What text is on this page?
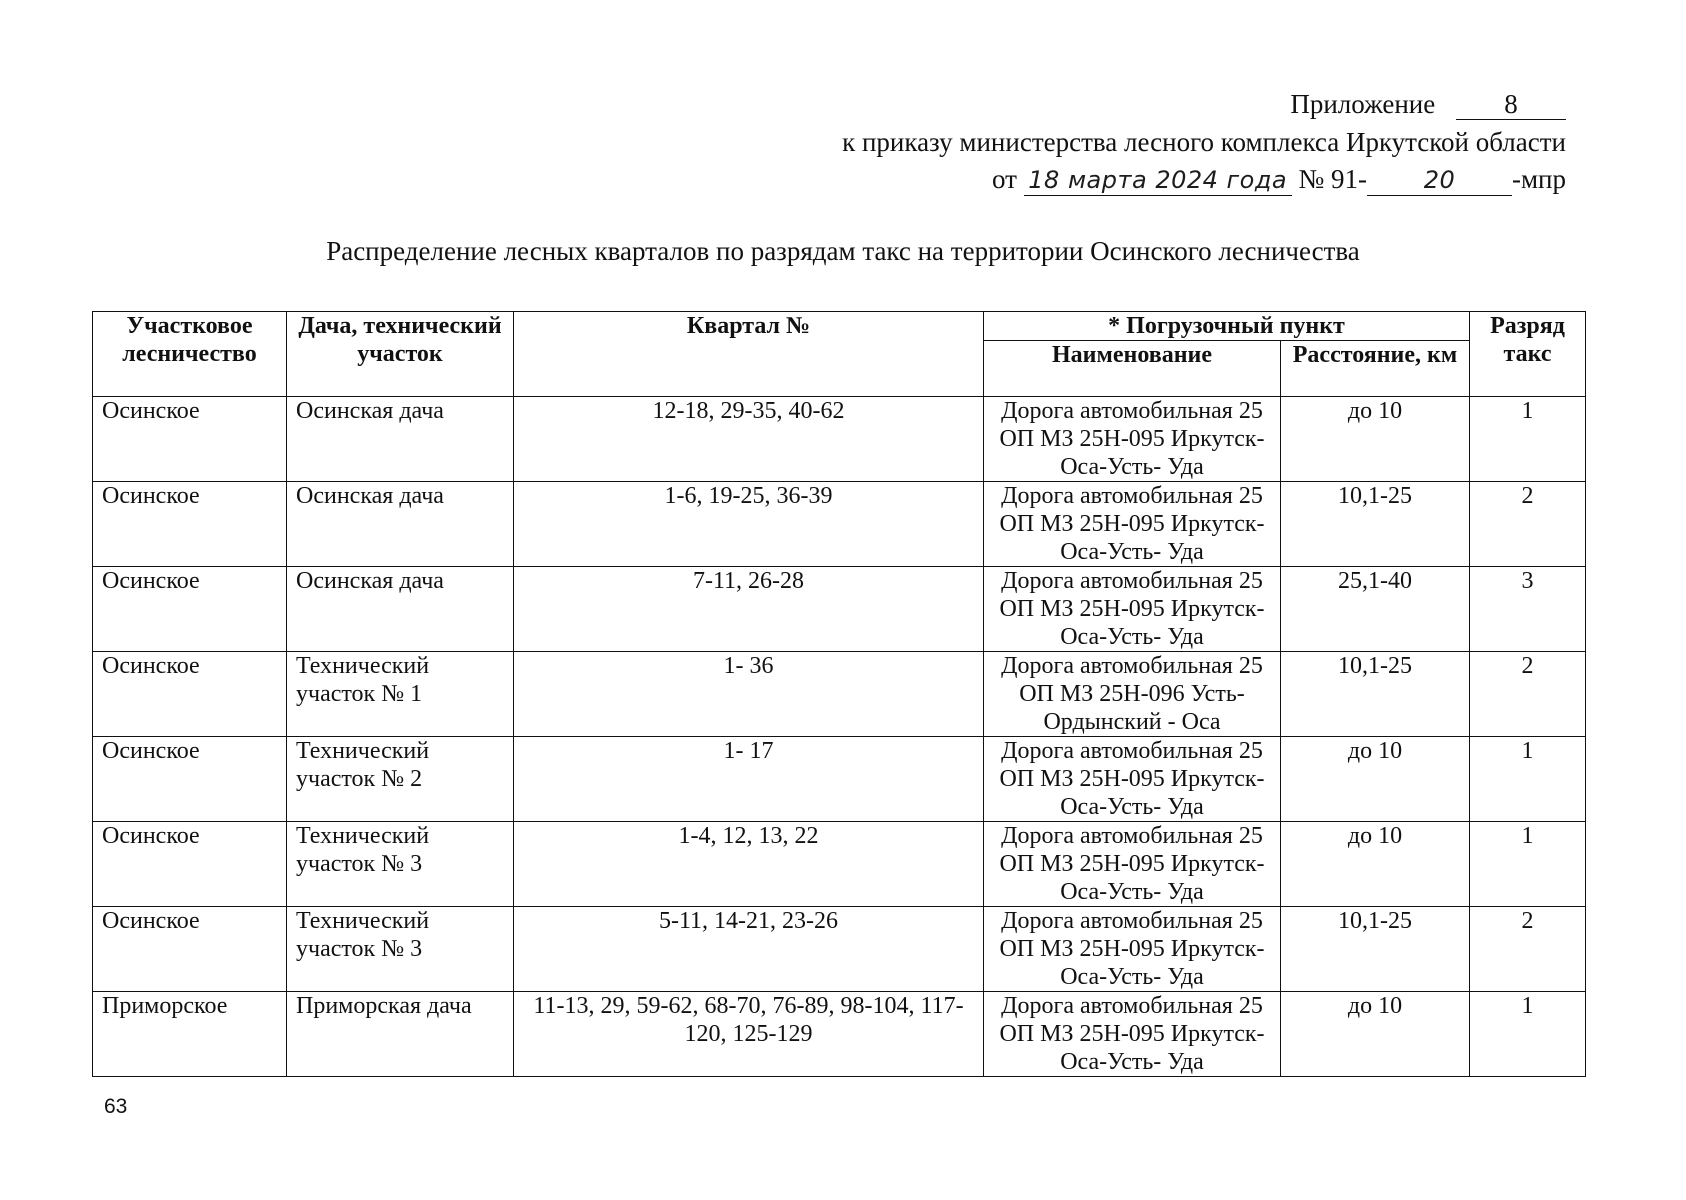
Приложение	8
к приказу министерства лесного комплекса Иркутской области
от 18 марта 2024 года № 91- 20 -мпр
Распределение лесных кварталов по разрядам такс на территории Осинского лесничества
Участковое лесничество	Дача, технический участок	Квартал №	* Погрузочный пункт		Разряд такс
			Наименование	Расстояние, км	
Осинское	Осинская дача	12-18, 29-35, 40-62	Дорога автомобильная 25 ОП МЗ 25Н-095 Иркутск-Оса-Усть- Уда	до 10	1
Осинское	Осинская дача	1-6, 19-25, 36-39	Дорога автомобильная 25 ОП МЗ 25Н-095 Иркутск-Оса-Усть- Уда	10,1-25	2
Осинское	Осинская дача	7-11, 26-28	Дорога автомобильная 25 ОП МЗ 25Н-095 Иркутск-Оса-Усть- Уда	25,1-40	3
Осинское	Технический участок № 1	1- 36	Дорога автомобильная 25 ОП МЗ 25Н-096 Усть-Ордынский - Оса	10,1-25	2
Осинское	Технический участок № 2	1- 17	Дорога автомобильная 25 ОП МЗ 25Н-095 Иркутск-Оса-Усть- Уда	до 10	1
Осинское	Технический участок № 3	1-4, 12, 13, 22	Дорога автомобильная 25 ОП МЗ 25Н-095 Иркутск-Оса-Усть- Уда	до 10	1
Осинское	Технический участок № 3	5-11, 14-21, 23-26	Дорога автомобильная 25 ОП МЗ 25Н-095 Иркутск-Оса-Усть- Уда	10,1-25	2
Приморское	Приморская дача	11-13, 29, 59-62, 68-70, 76-89, 98-104, 117-120, 125-129	Дорога автомобильная 25 ОП МЗ 25Н-095 Иркутск-Оса-Усть- Уда	до 10	1
63
